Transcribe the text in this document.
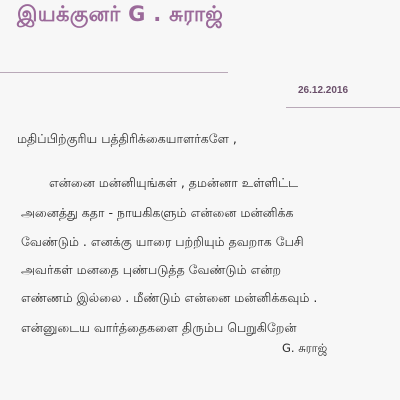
இயக்குனர் G . சுராஜ்
26.12.2016
மதிப்பிற்குரிய பத்திரிக்கையாளர்களே ,
என்னை மன்னியுங்கள் , தமன்னா உள்ளிட்ட
அனைத்து கதா - நாயகிகளும் என்னை மன்னிக்க
வேண்டும் . எனக்கு யாரை பற்றியும் தவறாக பேசி
அவர்கள் மனதை புண்படுத்த வேண்டும் என்ற
எண்ணம் இல்லை . மீண்டும் என்னை மன்னிக்கவும் .
என்னுடைய வார்த்தைகளை திரும்ப பெறுகிறேன்
G. சுராஜ்
